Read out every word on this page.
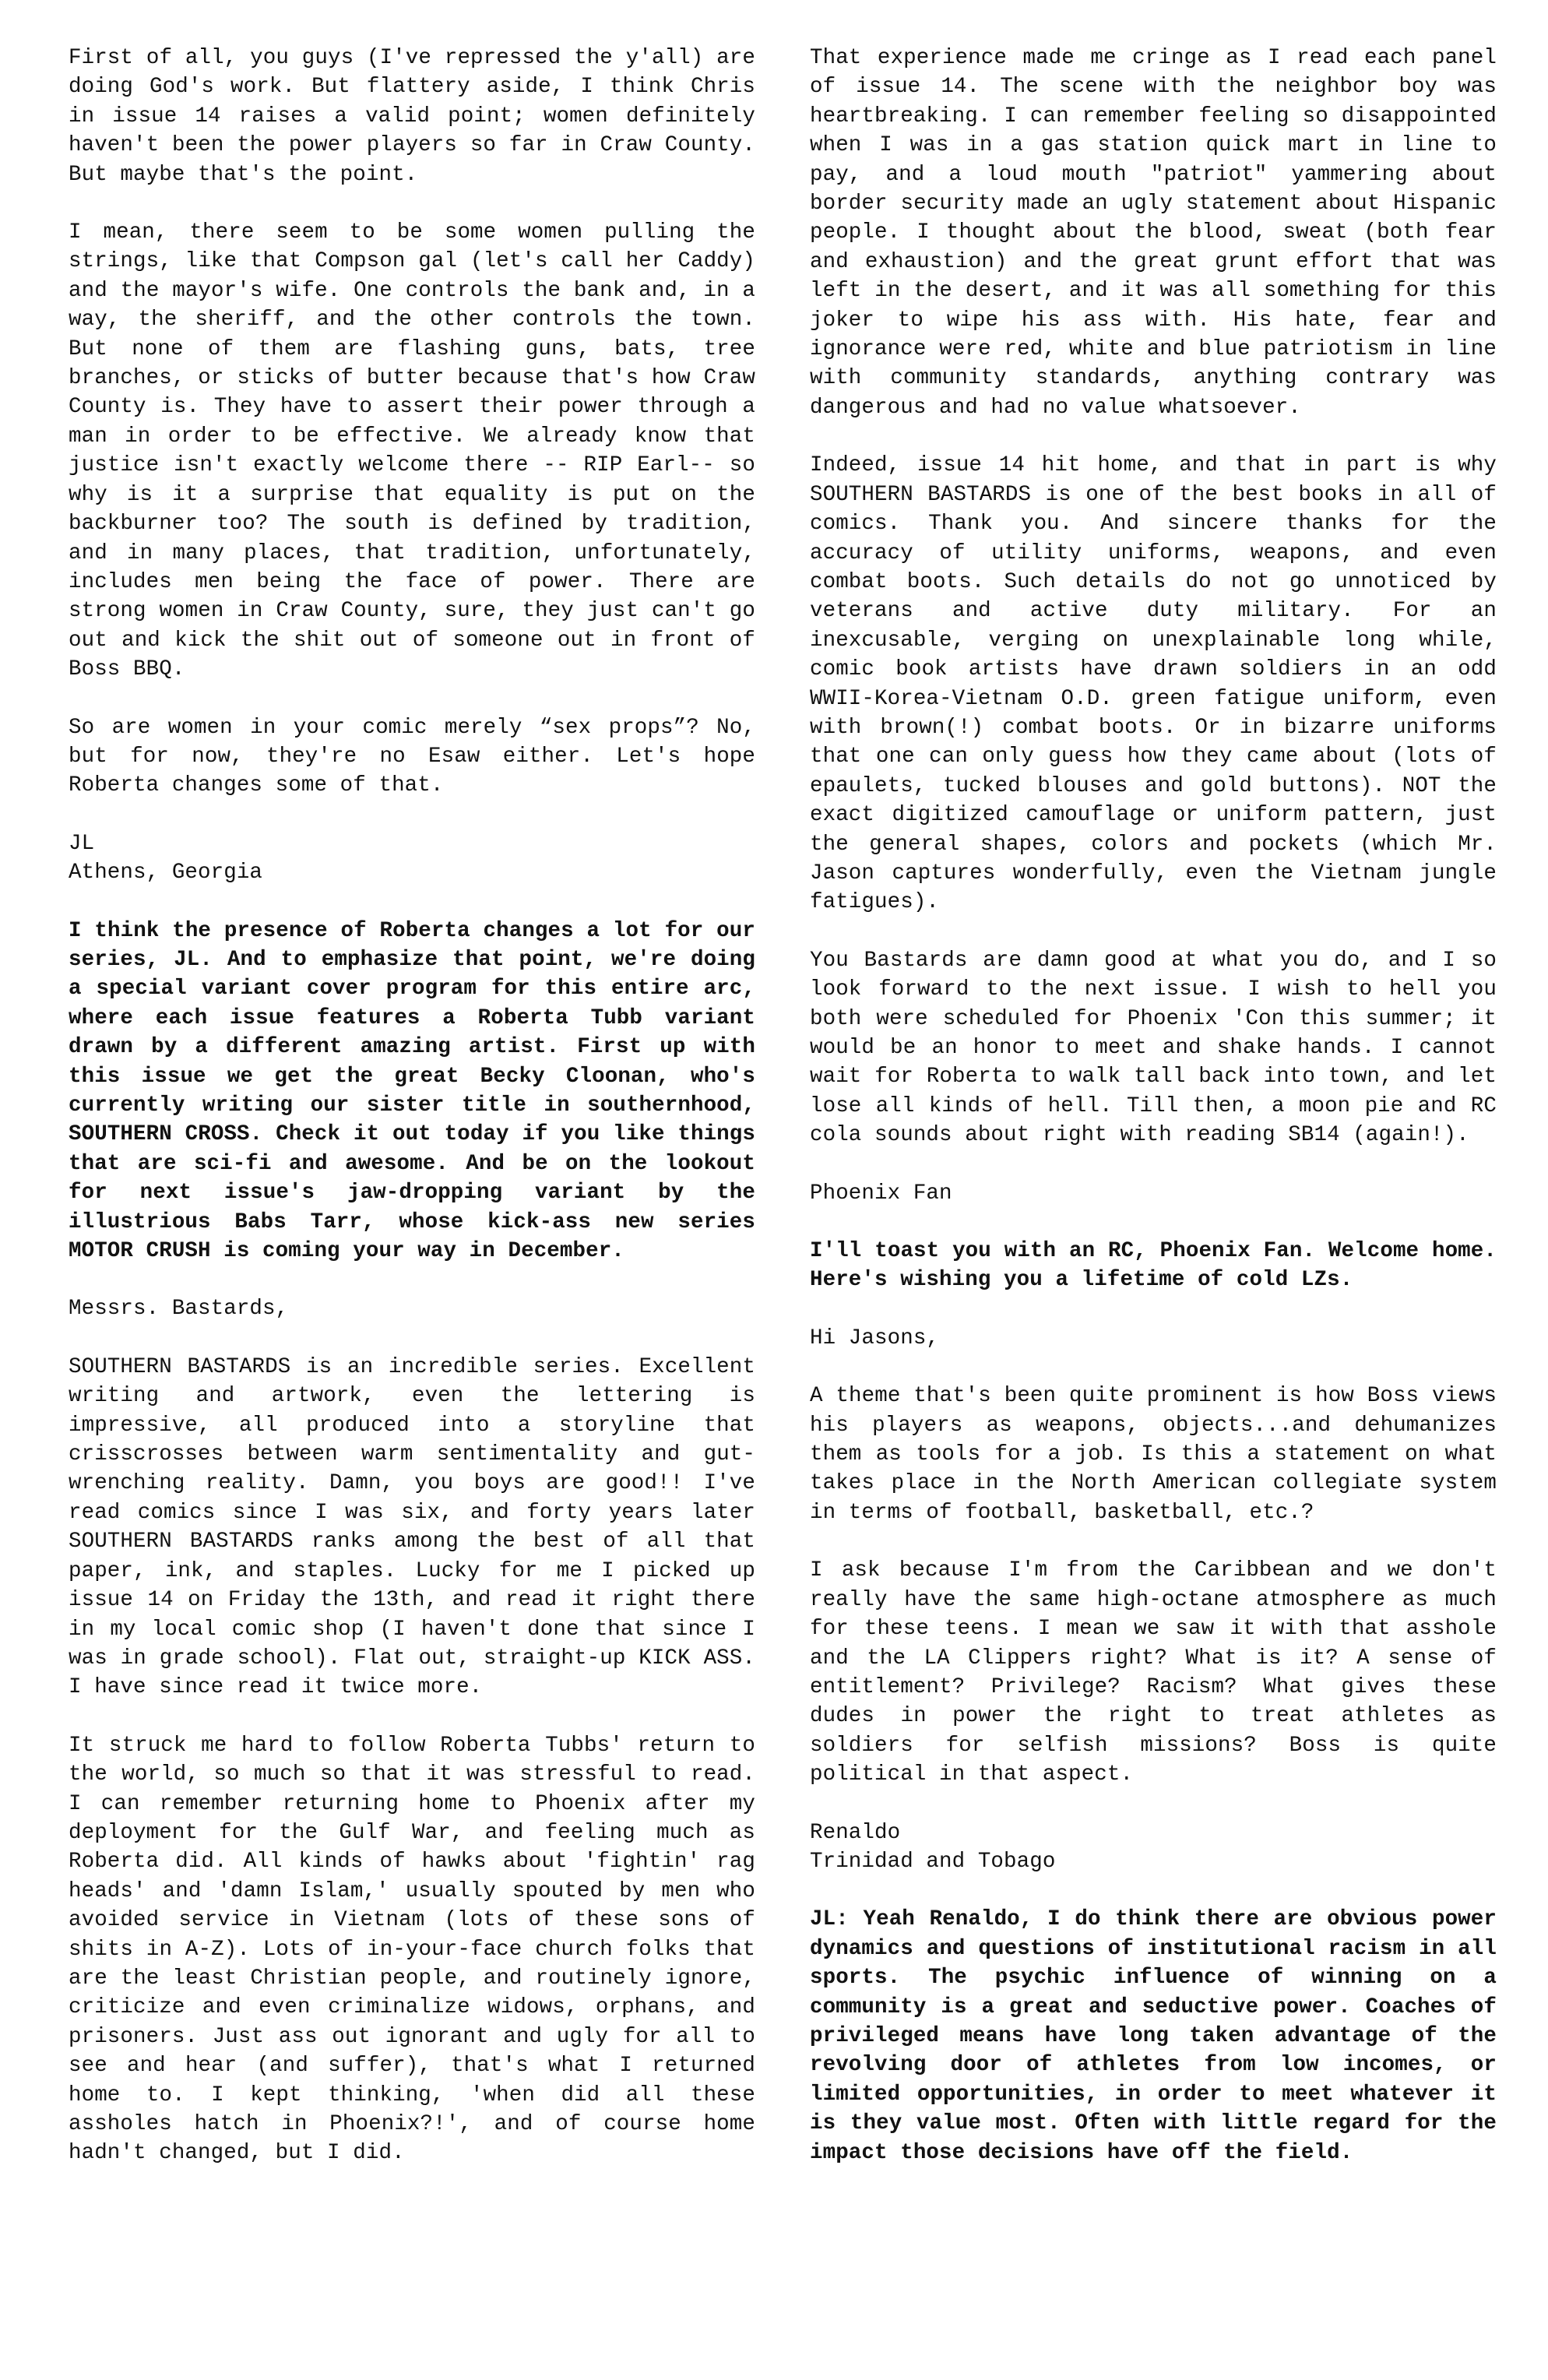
First of all, you guys (I've repressed the y'all) are doing God's work. But flattery aside, I think Chris in issue 14 raises a valid point; women definitely haven't been the power players so far in Craw County. But maybe that's the point.

I mean, there seem to be some women pulling the strings, like that Compson gal (let's call her Caddy) and the mayor's wife. One controls the bank and, in a way, the sheriff, and the other controls the town. But none of them are flashing guns, bats, tree branches, or sticks of butter because that's how Craw County is. They have to assert their power through a man in order to be effective. We already know that justice isn't exactly welcome there -- RIP Earl-- so why is it a surprise that equality is put on the backburner too? The south is defined by tradition, and in many places, that tradition, unfortunately, includes men being the face of power. There are strong women in Craw County, sure, they just can't go out and kick the shit out of someone out in front of Boss BBQ.

So are women in your comic merely “sex props”? No, but for now, they're no Esaw either. Let's hope Roberta changes some of that.

JL
Athens, Georgia

I think the presence of Roberta changes a lot for our series, JL. And to emphasize that point, we're doing a special variant cover program for this entire arc, where each issue features a Roberta Tubb variant drawn by a different amazing artist. First up with this issue we get the great Becky Cloonan, who's currently writing our sister title in southernhood, SOUTHERN CROSS. Check it out today if you like things that are sci-fi and awesome. And be on the lookout for next issue's jaw-dropping variant by the illustrious Babs Tarr, whose kick-ass new series MOTOR CRUSH is coming your way in December.

Messrs. Bastards,

SOUTHERN BASTARDS is an incredible series. Excellent writing and artwork, even the lettering is impressive, all produced into a storyline that crisscrosses between warm sentimentality and gut-wrenching reality. Damn, you boys are good!! I've read comics since I was six, and forty years later SOUTHERN BASTARDS ranks among the best of all that paper, ink, and staples. Lucky for me I picked up issue 14 on Friday the 13th, and read it right there in my local comic shop (I haven't done that since I was in grade school). Flat out, straight-up KICK ASS. I have since read it twice more.

It struck me hard to follow Roberta Tubbs' return to the world, so much so that it was stressful to read. I can remember returning home to Phoenix after my deployment for the Gulf War, and feeling much as Roberta did. All kinds of hawks about 'fightin' rag heads' and 'damn Islam,' usually spouted by men who avoided service in Vietnam (lots of these sons of shits in A-Z). Lots of in-your-face church folks that are the least Christian people, and routinely ignore, criticize and even criminalize widows, orphans, and prisoners. Just ass out ignorant and ugly for all to see and hear (and suffer), that's what I returned home to. I kept thinking, 'when did all these assholes hatch in Phoenix?!', and of course home hadn't changed, but I did.

That experience made me cringe as I read each panel of issue 14. The scene with the neighbor boy was heartbreaking. I can remember feeling so disappointed when I was in a gas station quick mart in line to pay, and a loud mouth "patriot" yammering about border security made an ugly statement about Hispanic people. I thought about the blood, sweat (both fear and exhaustion) and the great grunt effort that was left in the desert, and it was all something for this joker to wipe his ass with. His hate, fear and ignorance were red, white and blue patriotism in line with community standards, anything contrary was dangerous and had no value whatsoever.

Indeed, issue 14 hit home, and that in part is why SOUTHERN BASTARDS is one of the best books in all of comics. Thank you. And sincere thanks for the accuracy of utility uniforms, weapons, and even combat boots. Such details do not go unnoticed by veterans and active duty military. For an inexcusable, verging on unexplainable long while, comic book artists have drawn soldiers in an odd WWII-Korea-Vietnam O.D. green fatigue uniform, even with brown(!) combat boots. Or in bizarre uniforms that one can only guess how they came about (lots of epaulets, tucked blouses and gold buttons). NOT the exact digitized camouflage or uniform pattern, just the general shapes, colors and pockets (which Mr. Jason captures wonderfully, even the Vietnam jungle fatigues).

You Bastards are damn good at what you do, and I so look forward to the next issue. I wish to hell you both were scheduled for Phoenix 'Con this summer; it would be an honor to meet and shake hands. I cannot wait for Roberta to walk tall back into town, and let lose all kinds of hell. Till then, a moon pie and RC cola sounds about right with reading SB14 (again!).

Phoenix Fan

I'll toast you with an RC, Phoenix Fan. Welcome home. Here's wishing you a lifetime of cold LZs.

Hi Jasons,

A theme that's been quite prominent is how Boss views his players as weapons, objects...and dehumanizes them as tools for a job. Is this a statement on what takes place in the North American collegiate system in terms of football, basketball, etc.?

I ask because I'm from the Caribbean and we don't really have the same high-octane atmosphere as much for these teens. I mean we saw it with that asshole and the LA Clippers right? What is it? A sense of entitlement? Privilege? Racism? What gives these dudes in power the right to treat athletes as soldiers for selfish missions? Boss is quite political in that aspect.

Renaldo
Trinidad and Tobago

JL: Yeah Renaldo, I do think there are obvious power dynamics and questions of institutional racism in all sports. The psychic influence of winning on a community is a great and seductive power. Coaches of privileged means have long taken advantage of the revolving door of athletes from low incomes, or limited opportunities, in order to meet whatever it is they value most. Often with little regard for the impact those decisions have off the field.
